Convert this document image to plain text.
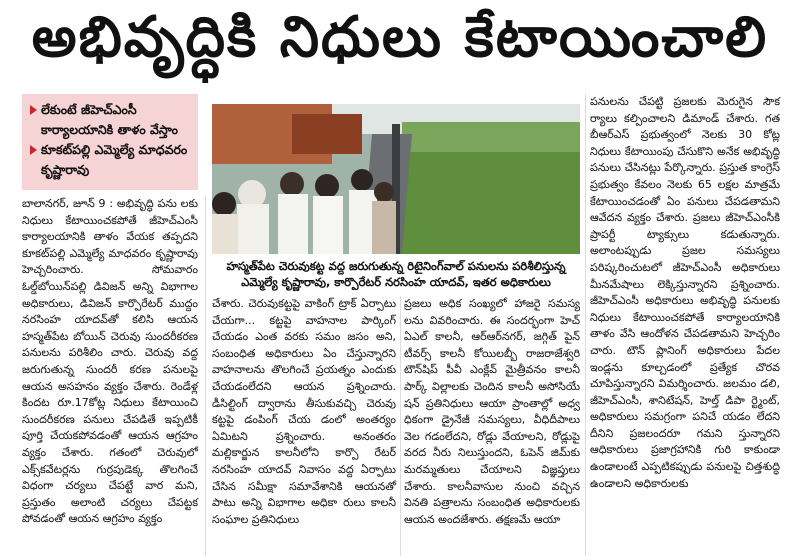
అభివృద్ధికి నిధులు కేటాయించాలి
లేకుంటే జీహెచ్ఎంసీ కార్యాలయానికి తాళం వేస్తాం
కూకట్‌పల్లి ఎమ్మెల్యే మాధవరం కృష్ణారావు
హస్మత్‌పేట చెరువుకట్ట వద్ద జరుగుతున్న రిటైనింగ్‌వాల్ పనులను పరిశీలిస్తున్న ఎమ్మెల్యే కృష్ణారావు, కార్పొరేటర్ నరసింహ యాదవ్, ఇతర అధికారులు

బాలానగర్, జూన్ 9 : అభివృద్ధి పను లకు నిధులు కేటాయించకపోతే జీహెచ్ఎంసీ కార్యాలయానికి తాళం వేయక తప్పదని కూకట్‌పల్లి ఎమ్మెల్యే మాధవరం కృష్ణారావు హెచ్చరించారు. సోమవారం ఓల్డ్‌బోయిన్‌పల్లి డివిజన్ అన్ని విభాగాల అధికారులు, డివిజన్ కార్పొరేటర్ ముద్దం నరసింహ యాదవ్‌తో కలిసి ఆయన హస్మత్‌పేట బోయిన్ చెరువు సుందరీకరణ పనులను పరిశీలిం చారు. చెరువు వద్ద జరుగుతున్న సుందరీ కరణ పనులపై ఆయన అసహనం వ్యక్తం చేశారు. రెండేళ్ల కిందట రూ.17కోట్ల నిధులు కేటాయించి సుందరీకరణ పనులు చేపడితే ఇప్పటికీ పూర్తి చేయకపోవడంతో ఆయన ఆగ్రహం వ్యక్తం చేశారు. గతంలో చెరువులో ఎక్స్‌కవేటర్లను గుర్రపుడెక్క తొలగించే విధంగా చర్యలు చేపట్టే వార మని, ప్రస్తుతం అలాంటి చర్యలు చేపట్టక పోవడంతో ఆయన ఆగ్రహం వ్యక్తం

చేశారు. చెరువుకట్టపై వాకింగ్ ట్రాక్ ఏర్పాటు చేయగా... కట్టపై వాహనాల పార్కింగ్ చేయడం ఎంత వరకు సమం జసం అని, సంబంధిత అధికారులు ఏం చేస్తున్నారని వాహనాలను తొలగించే ప్రయత్నం ఎందుకు చేయడంలేదని ఆయన ప్రశ్నించారు. డీసిల్టింగ్ ద్వారాను తీసుకువచ్చి చెరువు కట్టపై డంపింగ్ చేయ డంలో అంతర్యం ఏమిటని ప్రశ్నించారు. అనంతరం మల్లికార్జున కాలనీలోని కార్పొ రేటర్ నరసింహ యాదవ్ నివాసం వద్ద ఏర్పాటు చేసిన సమీక్షా సమావేశానికి ఆయనతో పాటు అన్ని విభాగాల అధికా రులు కాలనీ సంఘాల ప్రతినిధులు

ప్రజలు అధిక సంఖ్యలో హాజరై సమస్య లను వివరించారు. ఈ సందర్భంగా హెచ్ ఏఎల్ కాలనీ, ఆర్ఆర్‌నగర్, జగ్గిత్ పైన్ టీవర్స్ కాలనీ కోయిలబ్బీ రాజరాజేశ్వరి టౌన్‌షిప్ పీవీ ఎంక్లేవ్ మైత్రీవనం కాలనీ పార్క్ విల్లాలకు చెందిన కాలనీ అసోసియే షన్ ప్రతినిధులు ఆయా ప్రాంతాల్లో అధ్వ ధికంగా డ్రైనేజీ సమస్యలు, వీధిదీపాలు వెల గడంలేదని, రోడ్లు వేయాలని, రోడ్లుపై వరద నీరు నిలుస్తుందని, ఓపెన్ జిమ్‌కు మరమ్మతులు చేయాలని విజ్ఞప్తులు చేశారు. కాలనీవాసుల నుంచి వచ్చిన వినతి పత్రాలను సంబంధిత అధికారులకు ఆయన అందజేశారు. తక్షణమే ఆయా

పనులను చేపట్టి ప్రజలకు మెరుగైన సౌక ర్యాలు కల్పించాలని డిమాండ్ చేశారు. గత బీఆర్ఎస్ ప్రభుత్వంలో నెలకు 30 కోట్ల నిధులు కేటాయింపు చేసుకొని అనేక అభివృద్ధి పనులు చేసినట్లు పేర్కొన్నారు. ప్రస్తుత కాంగ్రెస్ ప్రభుత్వం కేవలం నెలకు 65 లక్షల మాత్రమే కేటాయించడంతో ఏం పనులు చేపడతామని ఆవేదన వ్యక్తం చేశారు. ప్రజలు జీహెచ్ఎంసీకి ప్రాపర్టీ ట్యాక్సులు కడుతున్నారు. అలాంటప్పుడు ప్రజల సమస్యలు పరిష్కరించుటలో జీహెచ్ఎంసీ అధికారులు మీనమేషాలు లెక్కిస్తున్నారని ప్రశ్నించారు. జీహెచ్ఎంసీ అధికారులు అభివృద్ధి పనులకు నిధులు కేటాయించకపోతే కార్యాలయానికి తాళం వేసి ఆందోళన చేపడతామని హెచ్చరిం చారు. టౌన్ ప్లానింగ్ అధికారులు పేదల ఇండ్లను కూల్చడంలో ప్రత్యేక చొరవ చూపిస్తున్నారని విమర్శించారు. జలమం డలి, జీహెచ్ఎంసీ, శానిటేషన్, హెల్త్ డిపా ర్ట్మెంట్, అధికారులు సమగ్రంగా పనిచే యడం లేదని దీనిని ప్రజలందరూ గమని స్తున్నారని ఆధికారులు ప్రజాగ్రహానికి గురి కాకుండా ఉండాలంటే ఎప్పటికప్పుడు పనులపై చిత్తశుద్ధి ఉండాలని అధికారులకు
